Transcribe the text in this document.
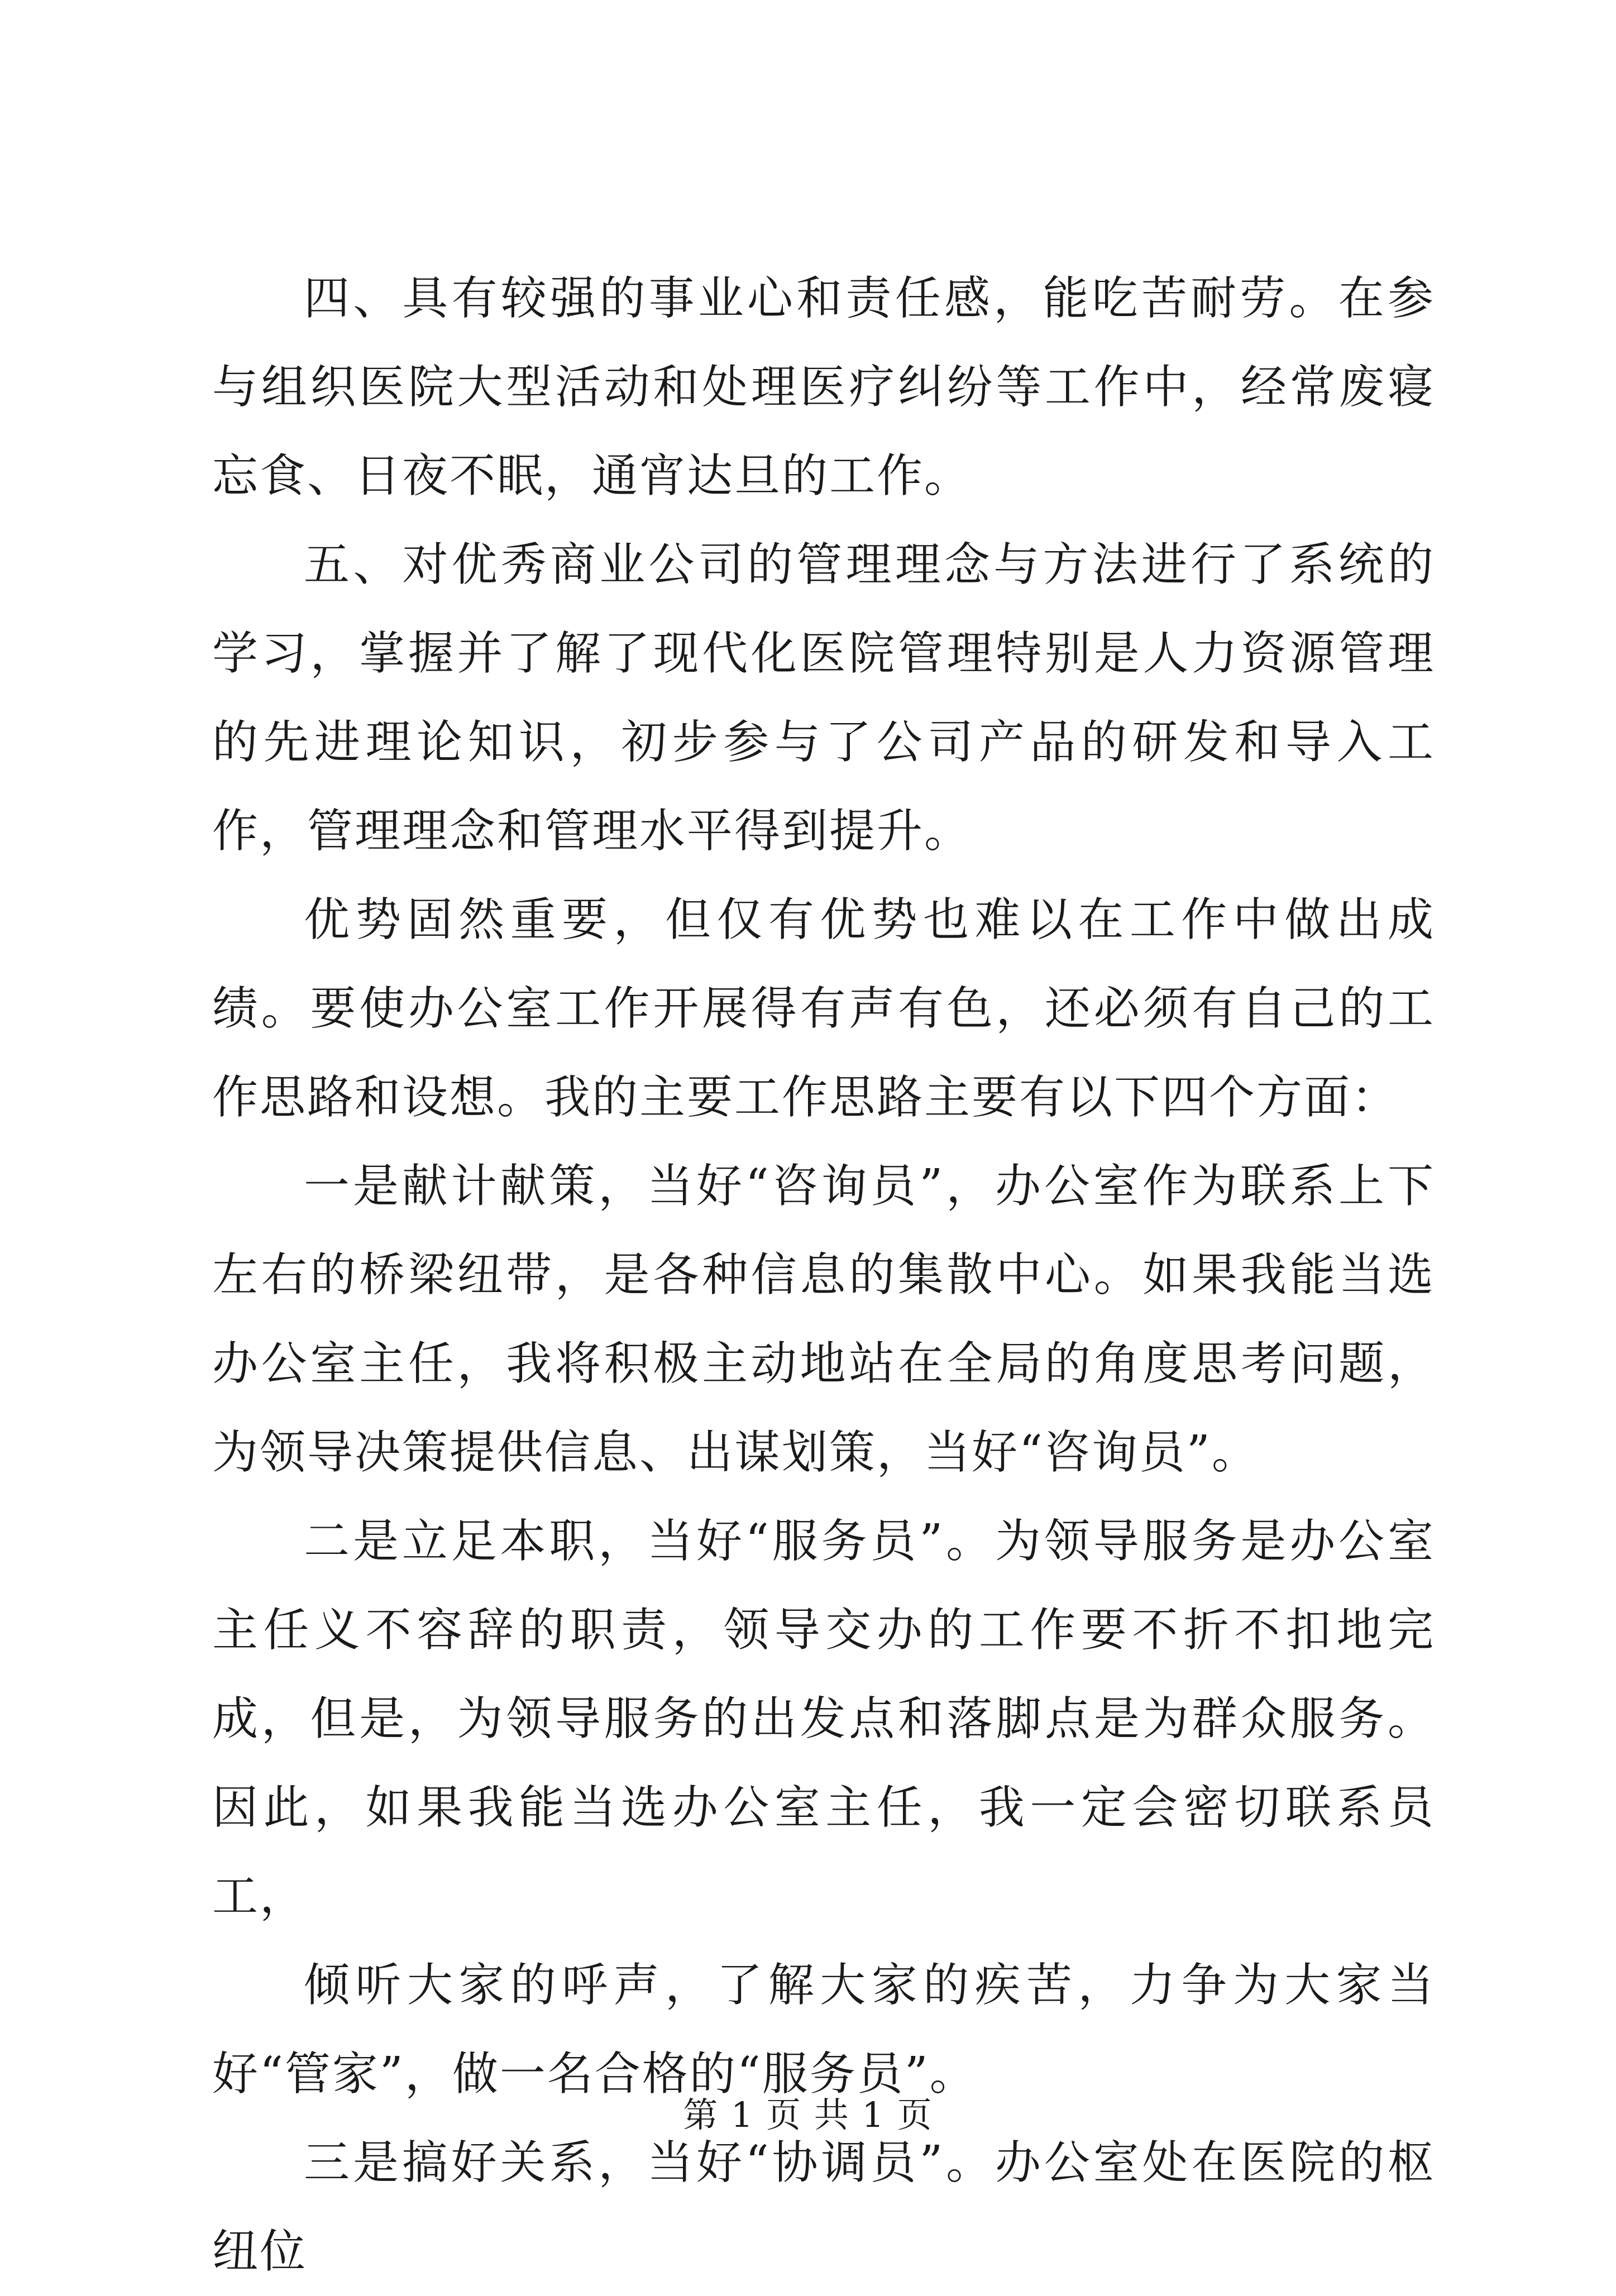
四、具有较强的事业心和责任感，能吃苦耐劳。在参与组织医院大型活动和处理医疗纠纷等工作中，经常废寝忘食、日夜不眠，通宵达旦的工作。

五、对优秀商业公司的管理理念与方法进行了系统的学习，掌握并了解了现代化医院管理特别是人力资源管理的先进理论知识，初步参与了公司产品的研发和导入工作，管理理念和管理水平得到提升。

优势固然重要，但仅有优势也难以在工作中做出成绩。要使办公室工作开展得有声有色，还必须有自己的工作思路和设想。我的主要工作思路主要有以下四个方面：

一是献计献策，当好“咨询员”，办公室作为联系上下左右的桥梁纽带，是各种信息的集散中心。如果我能当选办公室主任，我将积极主动地站在全局的角度思考问题，为领导决策提供信息、出谋划策，当好“咨询员”。

二是立足本职，当好“服务员”。为领导服务是办公室主任义不容辞的职责，领导交办的工作要不折不扣地完成，但是，为领导服务的出发点和落脚点是为群众服务。因此，如果我能当选办公室主任，我一定会密切联系员工，

倾听大家的呼声，了解大家的疾苦，力争为大家当好“管家”，做一名合格的“服务员”。

三是搞好关系，当好“协调员”。办公室处在医院的枢纽位

第 1 页 共 1 页
